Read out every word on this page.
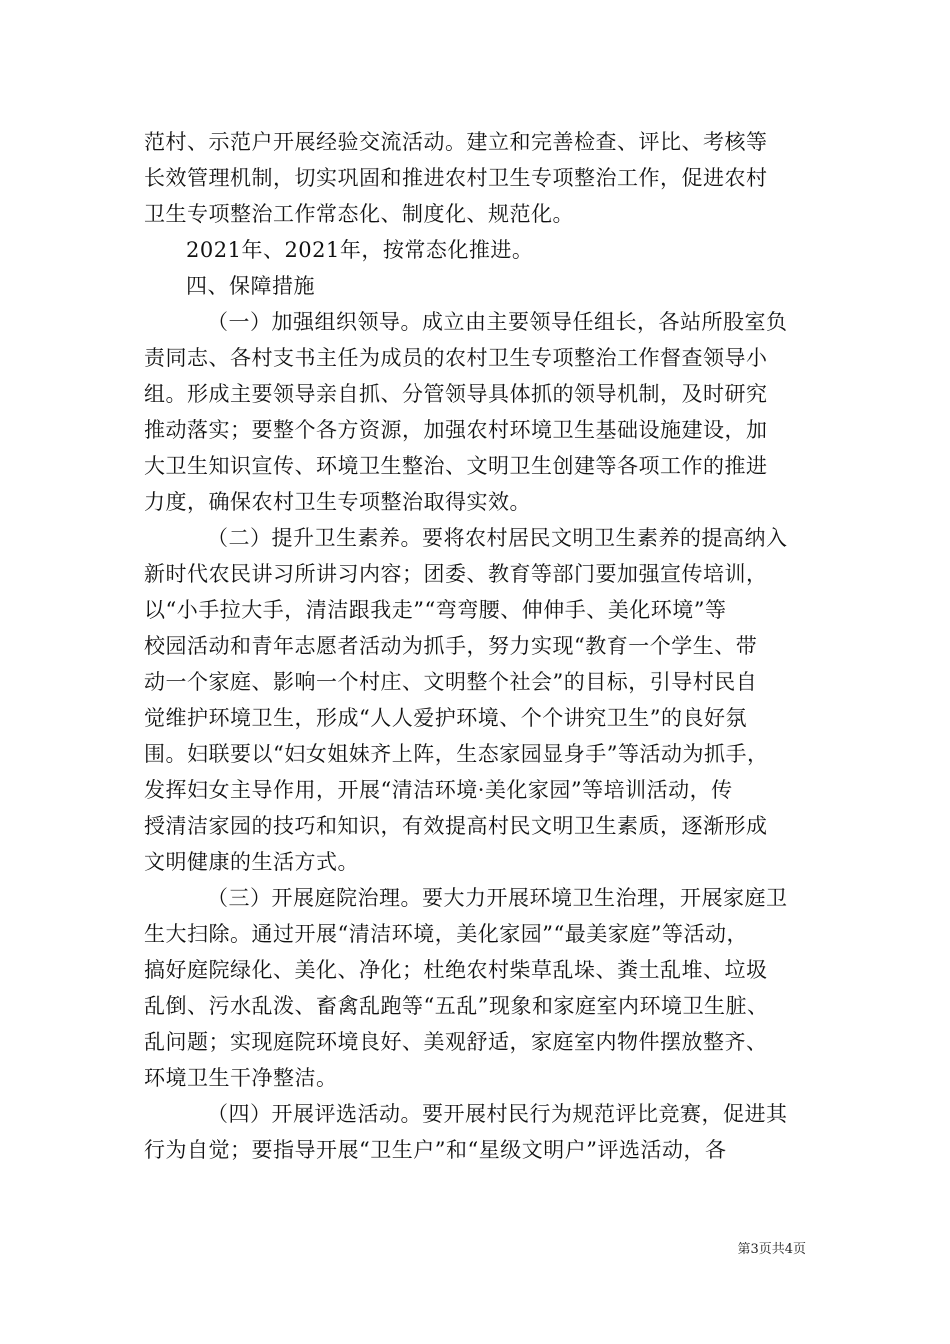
范村、示范户开展经验交流活动。建立和完善检查、评比、考核等
长效管理机制，切实巩固和推进农村卫生专项整治工作，促进农村
卫生专项整治工作常态化、制度化、规范化。
2021年、2021年，按常态化推进。
四、保障措施
（一）加强组织领导。成立由主要领导任组长，各站所股室负
责同志、各村支书主任为成员的农村卫生专项整治工作督查领导小
组。形成主要领导亲自抓、分管领导具体抓的领导机制，及时研究
推动落实；要整个各方资源，加强农村环境卫生基础设施建设，加
大卫生知识宣传、环境卫生整治、文明卫生创建等各项工作的推进
力度，确保农村卫生专项整治取得实效。
（二）提升卫生素养。要将农村居民文明卫生素养的提高纳入
新时代农民讲习所讲习内容；团委、教育等部门要加强宣传培训，
以“小手拉大手，清洁跟我走”“弯弯腰、伸伸手、美化环境”等
校园活动和青年志愿者活动为抓手，努力实现“教育一个学生、带
动一个家庭、影响一个村庄、文明整个社会”的目标，引导村民自
觉维护环境卫生，形成“人人爱护环境、个个讲究卫生”的良好氛
围。妇联要以“妇女姐妹齐上阵，生态家园显身手”等活动为抓手，
发挥妇女主导作用，开展“清洁环境·美化家园”等培训活动，传
授清洁家园的技巧和知识，有效提高村民文明卫生素质，逐渐形成
文明健康的生活方式。
（三）开展庭院治理。要大力开展环境卫生治理，开展家庭卫
生大扫除。通过开展“清洁环境，美化家园”“最美家庭”等活动，
搞好庭院绿化、美化、净化；杜绝农村柴草乱垛、粪土乱堆、垃圾
乱倒、污水乱泼、畜禽乱跑等“五乱”现象和家庭室内环境卫生脏、
乱问题；实现庭院环境良好、美观舒适，家庭室内物件摆放整齐、
环境卫生干净整洁。
（四）开展评选活动。要开展村民行为规范评比竞赛，促进其
行为自觉；要指导开展“卫生户”和“星级文明户”评选活动，各
第3页共4页
